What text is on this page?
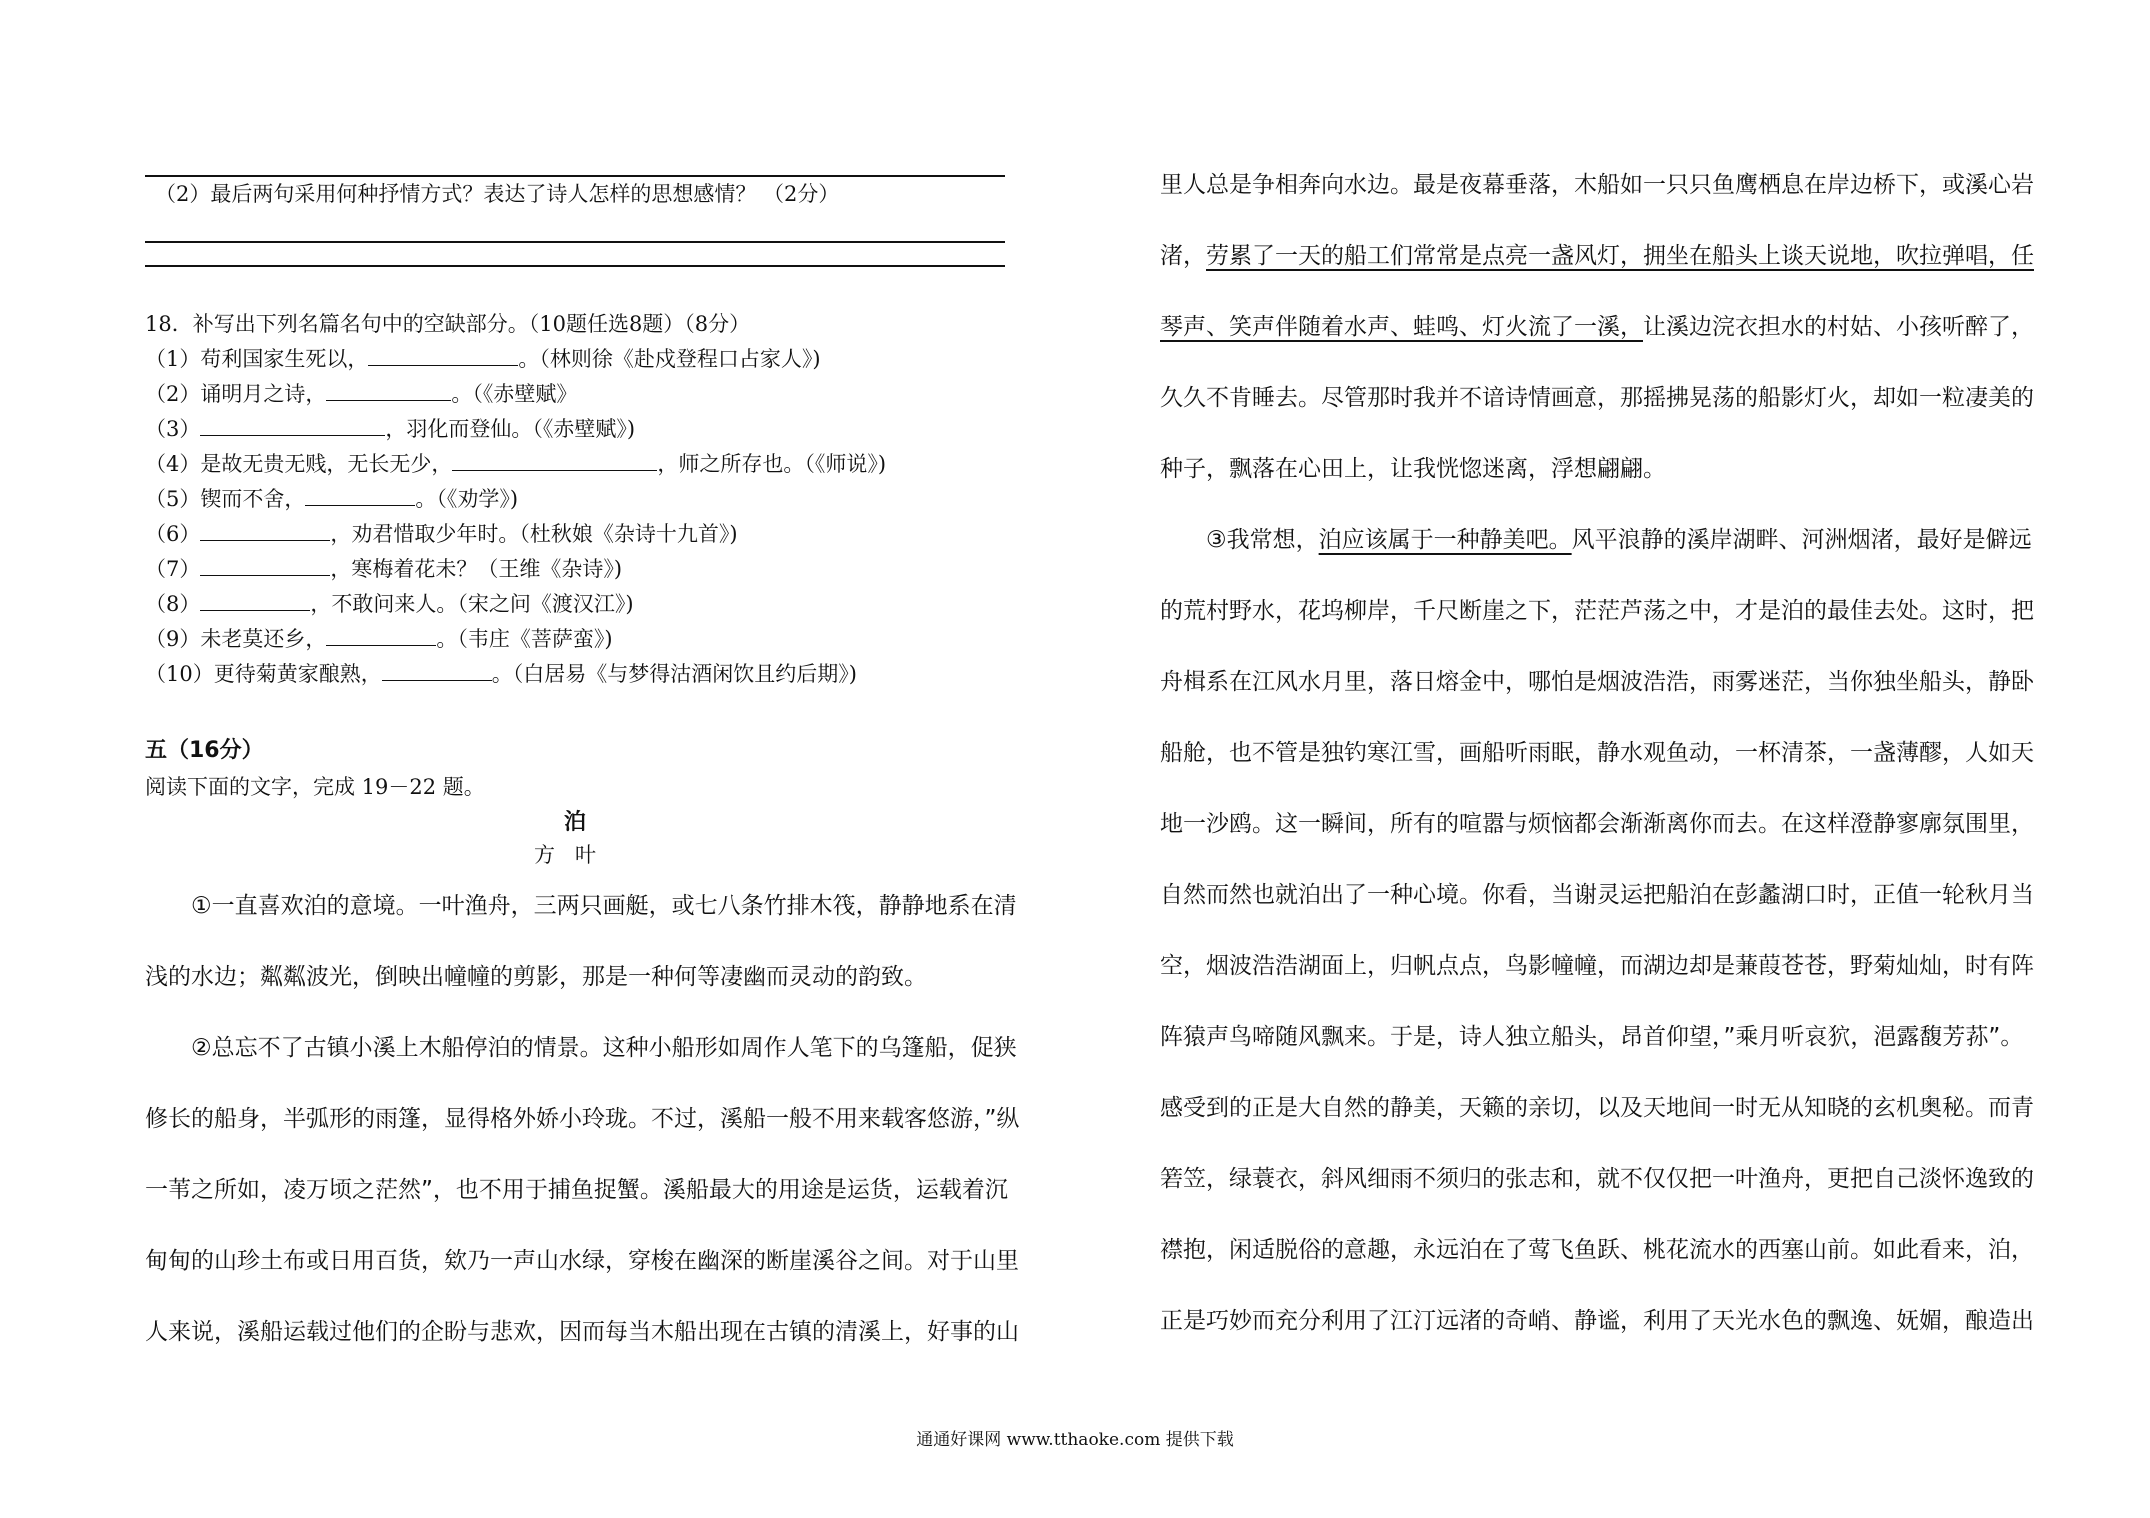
（2）最后两句采用何种抒情方式？表达了诗人怎样的思想感情？ （2分）
18．补写出下列名篇名句中的空缺部分。（10题任选8题）（8分）
（1）苟利国家生死以，	。（林则徐《赴戍登程口占家人》)
（2）诵明月之诗，	。（《赤壁赋》
（3）	，羽化而登仙。（《赤壁赋》)
（4）是故无贵无贱，无长无少，	，师之所存也。（《师说》)
（5）锲而不舍，	。（《劝学》)
（6）	，劝君惜取少年时。（杜秋娘《杂诗十九首》)
（7）	，寒梅着花未？（王维《杂诗》)
（8）	，不敢问来人。（宋之问《渡汉江》)
（9）未老莫还乡，	。（韦庄《菩萨蛮》)
（10）更待菊黄家酿熟，	。（白居易《与梦得沽酒闲饮且约后期》)
五（16分）
阅读下面的文字，完成 19－22 题。
泊
方叶
①一直喜欢泊的意境。一叶渔舟，三两只画艇，或七八条竹排木筏，静静地系在清
浅的水边；粼粼波光，倒映出幢幢的剪影，那是一种何等凄幽而灵动的韵致。
②总忘不了古镇小溪上木船停泊的情景。这种小船形如周作人笔下的乌篷船，促狭
修长的船身，半弧形的雨篷，显得格外娇小玲珑。不过，溪船一般不用来载客悠游，”纵
一苇之所如，凌万顷之茫然”，也不用于捕鱼捉蟹。溪船最大的用途是运货，运载着沉
甸甸的山珍土布或日用百货，欸乃一声山水绿，穿梭在幽深的断崖溪谷之间。对于山里
人来说，溪船运载过他们的企盼与悲欢，因而每当木船出现在古镇的清溪上，好事的山
里人总是争相奔向水边。最是夜幕垂落，木船如一只只鱼鹰栖息在岸边桥下，或溪心岩
渚，劳累了一天的船工们常常是点亮一盏风灯，拥坐在船头上谈天说地，吹拉弹唱，任
琴声、笑声伴随着水声、蛙鸣、灯火流了一溪，让溪边浣衣担水的村姑、小孩听醉了，
久久不肯睡去。尽管那时我并不谙诗情画意，那摇拂晃荡的船影灯火，却如一粒凄美的
种子，飘落在心田上，让我恍惚迷离，浮想翩翩。
③我常想，泊应该属于一种静美吧。风平浪静的溪岸湖畔、河洲烟渚，最好是僻远
的荒村野水，花坞柳岸，千尺断崖之下，茫茫芦荡之中，才是泊的最佳去处。这时，把
舟楫系在江风水月里，落日熔金中，哪怕是烟波浩浩，雨雾迷茫，当你独坐船头，静卧
船舱，也不管是独钓寒江雪，画船听雨眠，静水观鱼动，一杯清茶，一盏薄醪，人如天
地一沙鸥。这一瞬间，所有的喧嚣与烦恼都会渐渐离你而去。在这样澄静寥廓氛围里，
自然而然也就泊出了一种心境。你看，当谢灵运把船泊在彭蠡湖口时，正值一轮秋月当
空，烟波浩浩湖面上，归帆点点，鸟影幢幢，而湖边却是蒹葭苍苍，野菊灿灿，时有阵
阵猿声鸟啼随风飘来。于是，诗人独立船头，昂首仰望，”乘月听哀狖，浥露馥芳荪”。
感受到的正是大自然的静美，天籁的亲切，以及天地间一时无从知晓的玄机奥秘。而青
箬笠，绿蓑衣，斜风细雨不须归的张志和，就不仅仅把一叶渔舟，更把自己淡怀逸致的
襟抱，闲适脱俗的意趣，永远泊在了莺飞鱼跃、桃花流水的西塞山前。如此看来，泊，
正是巧妙而充分利用了江汀远渚的奇峭、静谧，利用了天光水色的飘逸、妩媚，酿造出
通通好课网 www.tthaoke.com 提供下载
